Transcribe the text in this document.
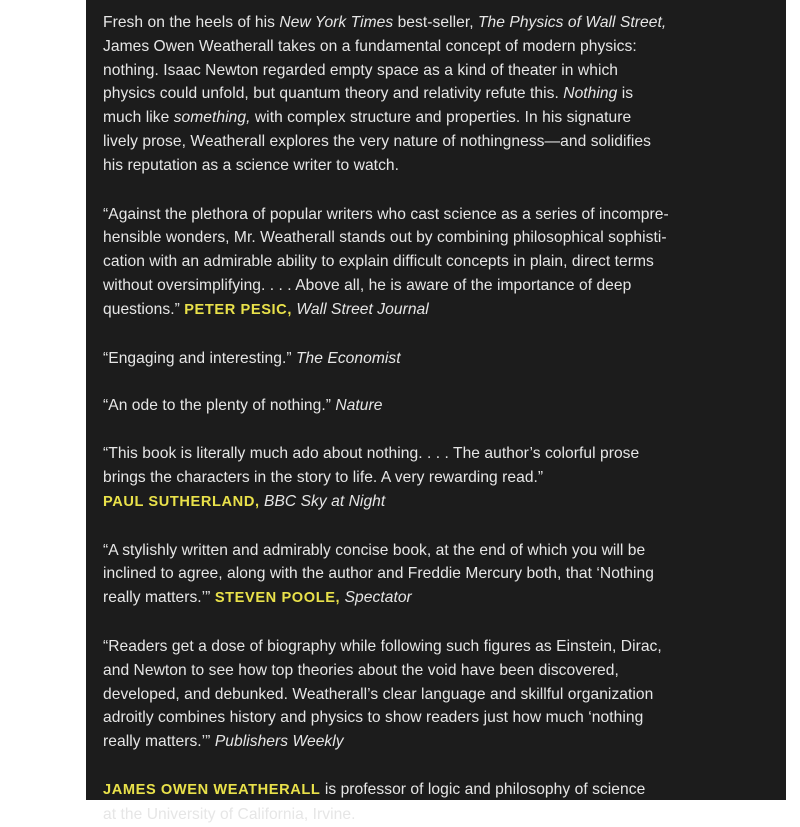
Fresh on the heels of his New York Times best-seller, The Physics of Wall Street,
James Owen Weatherall takes on a fundamental concept of modern physics:
nothing. Isaac Newton regarded empty space as a kind of theater in which
physics could unfold, but quantum theory and relativity refute this. Nothing is
much like something, with complex structure and properties. In his signature
lively prose, Weatherall explores the very nature of nothingness—and solidifies
his reputation as a science writer to watch.

“Against the plethora of popular writers who cast science as a series of incompre-
hensible wonders, Mr. Weatherall stands out by combining philosophical sophisti-
cation with an admirable ability to explain difficult concepts in plain, direct terms
without oversimplifying. . . . Above all, he is aware of the importance of deep
questions.” PETER PESIC, Wall Street Journal

“Engaging and interesting.” The Economist

“An ode to the plenty of nothing.” Nature

“This book is literally much ado about nothing. . . . The author’s colorful prose
brings the characters in the story to life. A very rewarding read.”
PAUL SUTHERLAND, BBC Sky at Night

“A stylishly written and admirably concise book, at the end of which you will be
inclined to agree, along with the author and Freddie Mercury both, that ‘Nothing
really matters.’” STEVEN POOLE, Spectator

“Readers get a dose of biography while following such figures as Einstein, Dirac,
and Newton to see how top theories about the void have been discovered,
developed, and debunked. Weatherall’s clear language and skillful organization
adroitly combines history and physics to show readers just how much ‘nothing
really matters.’” Publishers Weekly

JAMES OWEN WEATHERALL is professor of logic and philosophy of science
at the University of California, Irvine.
